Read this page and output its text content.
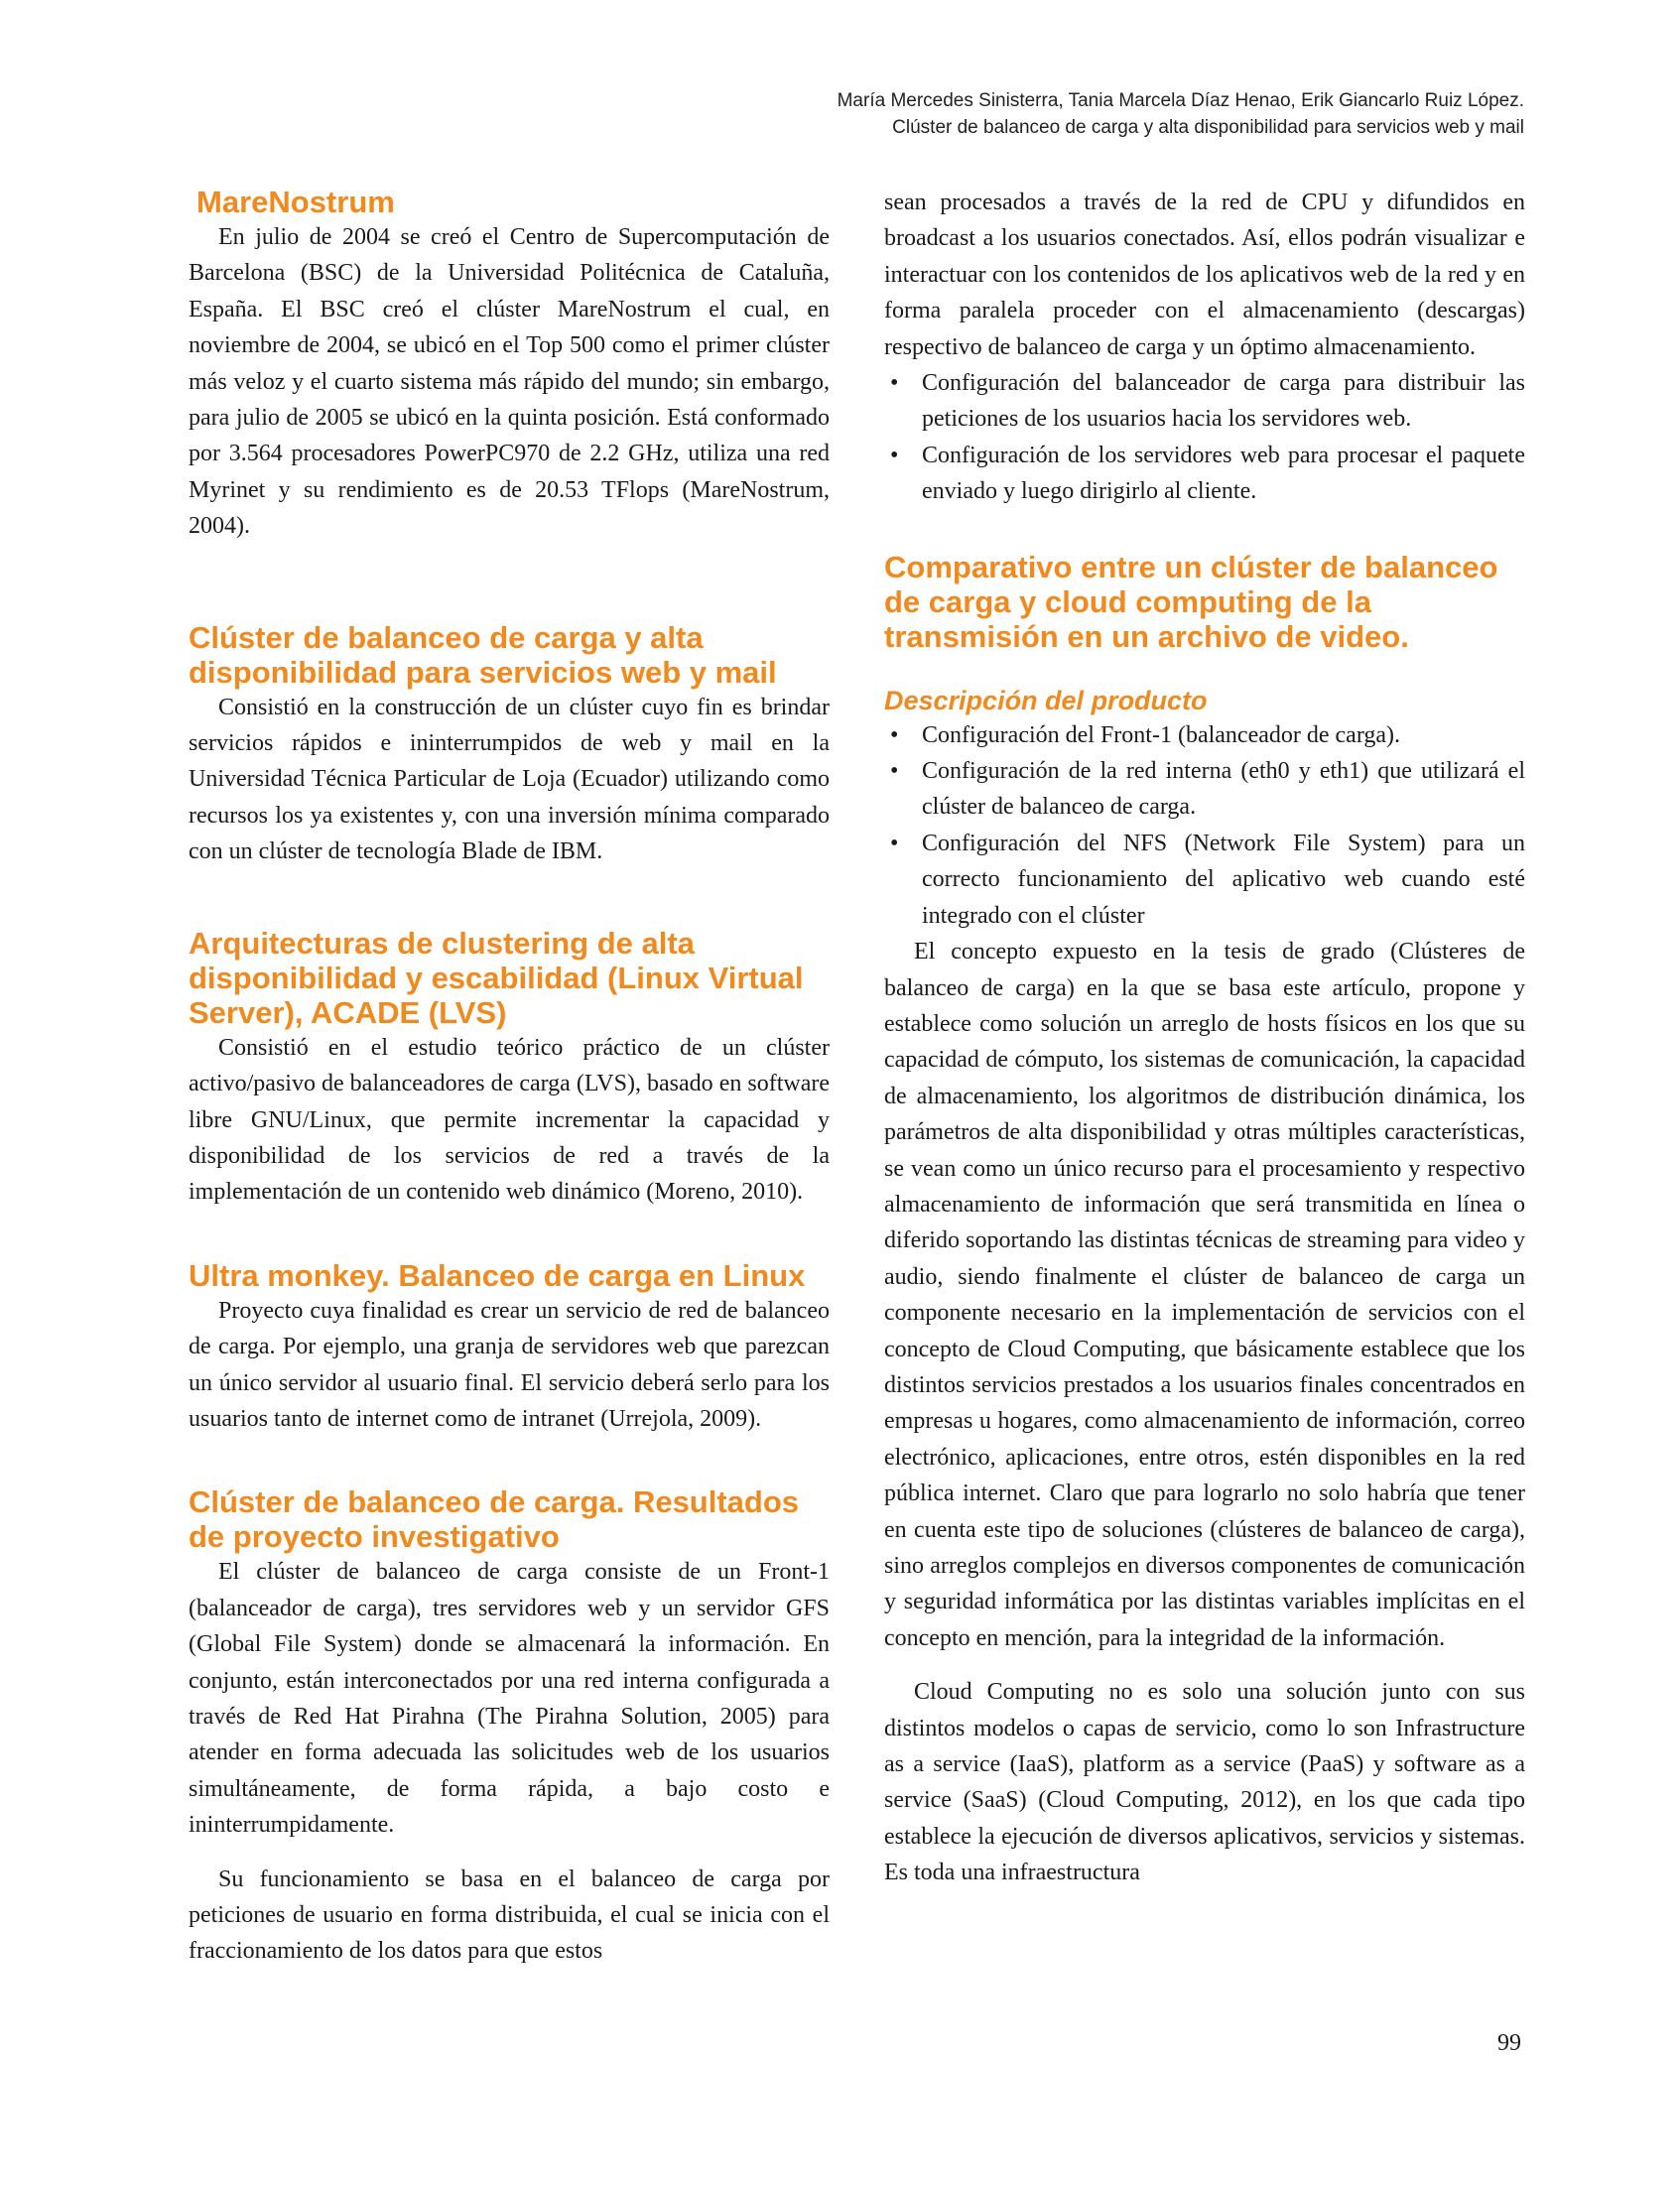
María Mercedes Sinisterra, Tania Marcela Díaz Henao, Erik Giancarlo Ruiz López.
Clúster de balanceo de carga y alta disponibilidad para servicios web y mail
MareNostrum

En julio de 2004 se creó el Centro de Supercomputación de Barcelona (BSC) de la Universidad Politécnica de Cataluña, España. El BSC creó el clúster MareNostrum el cual, en noviembre de 2004, se ubicó en el Top 500 como el primer clúster más veloz y el cuarto sistema más rápido del mundo; sin embargo, para julio de 2005 se ubicó en la quinta posición. Está conformado por 3.564 procesadores PowerPC970 de 2.2 GHz, utiliza una red Myrinet y su rendimiento es de 20.53 TFlops (MareNostrum, 2004).

Clúster de balanceo de carga y alta disponibilidad para servicios web y mail

Consistió en la construcción de un clúster cuyo fin es brindar servicios rápidos e ininterrumpidos de web y mail en la Universidad Técnica Particular de Loja (Ecuador) utilizando como recursos los ya existentes y, con una inversión mínima comparado con un clúster de tecnología Blade de IBM.

Arquitecturas de clustering de alta disponibilidad y escabilidad (Linux Virtual Server), ACADE (LVS)

Consistió en el estudio teórico práctico de un clúster activo/pasivo de balanceadores de carga (LVS), basado en software libre GNU/Linux, que permite incrementar la capacidad y disponibilidad de los servicios de red a través de la implementación de un contenido web dinámico (Moreno, 2010).

Ultra monkey. Balanceo de carga en Linux

Proyecto cuya finalidad es crear un servicio de red de balanceo de carga. Por ejemplo, una granja de servidores web que parezcan un único servidor al usuario final. El servicio deberá serlo para los usuarios tanto de internet como de intranet (Urrejola, 2009).

Clúster de balanceo de carga. Resultados de proyecto investigativo

El clúster de balanceo de carga consiste de un Front-1 (balanceador de carga), tres servidores web y un servidor GFS (Global File System) donde se almacenará la información. En conjunto, están interconectados por una red interna configurada a través de Red Hat Pirahna (The Pirahna Solution, 2005) para atender en forma adecuada las solicitudes web de los usuarios simultáneamente, de forma rápida, a bajo costo e ininterrumpidamente.

Su funcionamiento se basa en el balanceo de carga por peticiones de usuario en forma distribuida, el cual se inicia con el fraccionamiento de los datos para que estos

sean procesados a través de la red de CPU y difundidos en broadcast a los usuarios conectados. Así, ellos podrán visualizar e interactuar con los contenidos de los aplicativos web de la red y en forma paralela proceder con el almacenamiento (descargas) respectivo de balanceo de carga y un óptimo almacenamiento.

• Configuración del balanceador de carga para distribuir las peticiones de los usuarios hacia los servidores web.
• Configuración de los servidores web para procesar el paquete enviado y luego dirigirlo al cliente.
Comparativo entre un clúster de balanceo de carga y cloud computing de la transmisión en un archivo de video.
Descripción del producto
• Configuración del Front-1 (balanceador de carga).
• Configuración de la red interna (eth0 y eth1) que utilizará el clúster de balanceo de carga.
• Configuración del NFS (Network File System) para un correcto funcionamiento del aplicativo web cuando esté integrado con el clúster

El concepto expuesto en la tesis de grado (Clústeres de balanceo de carga) en la que se basa este artículo, propone y establece como solución un arreglo de hosts físicos en los que su capacidad de cómputo, los sistemas de comunicación, la capacidad de almacenamiento, los algoritmos de distribución dinámica, los parámetros de alta disponibilidad y otras múltiples características, se vean como un único recurso para el procesamiento y respectivo almacenamiento de información que será transmitida en línea o diferido soportando las distintas técnicas de streaming para video y audio, siendo finalmente el clúster de balanceo de carga un componente necesario en la implementación de servicios con el concepto de Cloud Computing, que básicamente establece que los distintos servicios prestados a los usuarios finales concentrados en empresas u hogares, como almacenamiento de información, correo electrónico, aplicaciones, entre otros, estén disponibles en la red pública internet. Claro que para lograrlo no solo habría que tener en cuenta este tipo de soluciones (clústeres de balanceo de carga), sino arreglos complejos en diversos componentes de comunicación y seguridad informática por las distintas variables implícitas en el concepto en mención, para la integridad de la información.

Cloud Computing no es solo una solución junto con sus distintos modelos o capas de servicio, como lo son Infrastructure as a service (IaaS), platform as a service (PaaS) y software as a service (SaaS) (Cloud Computing, 2012), en los que cada tipo establece la ejecución de diversos aplicativos, servicios y sistemas. Es toda una infraestructura

99
